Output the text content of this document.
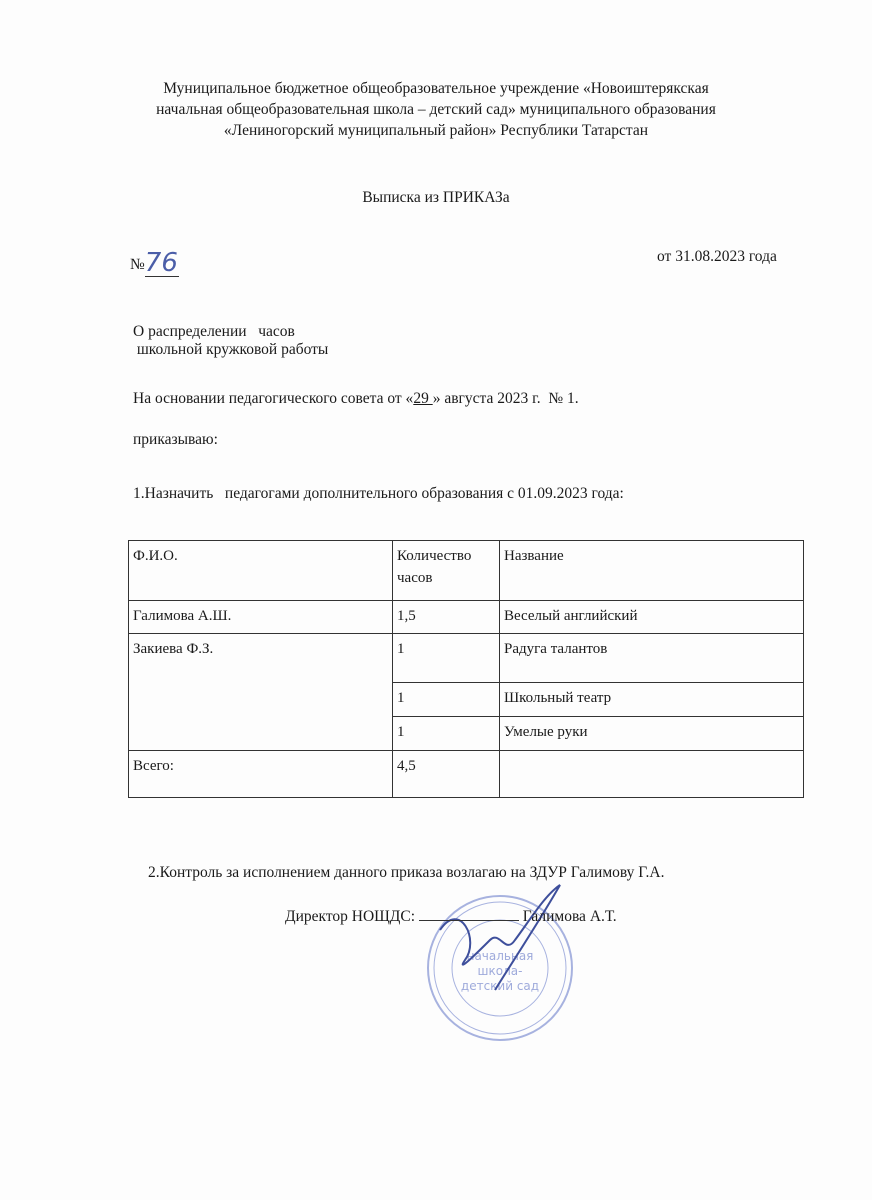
Муниципальное бюджетное общеобразовательное учреждение «Новоиштерякская
начальная общеобразовательная школа – детский сад» муниципального образования
«Лениногорский муниципальный район» Республики Татарстан
Выписка из ПРИКАЗа
№76	от 31.08.2023 года
О распределении   часов
школьной кружковой работы
На основании педагогического совета от «29 » августа 2023 г.  № 1.
приказываю:
1.Назначить   педагогами дополнительного образования с 01.09.2023 года:
Ф.И.О.	Количество часов	Название
Галимова А.Ш.	1,5	Веселый английский
Закиева Ф.З.	1	Радуга талантов
	1	Школьный театр
	1	Умелые руки
Всего:	4,5	
2.Контроль за исполнением данного приказа возлагаю на ЗДУР Галимову Г.А.
начальная
школа-
детский сад
Директор НОЩДС:	Галимова А.Т.
